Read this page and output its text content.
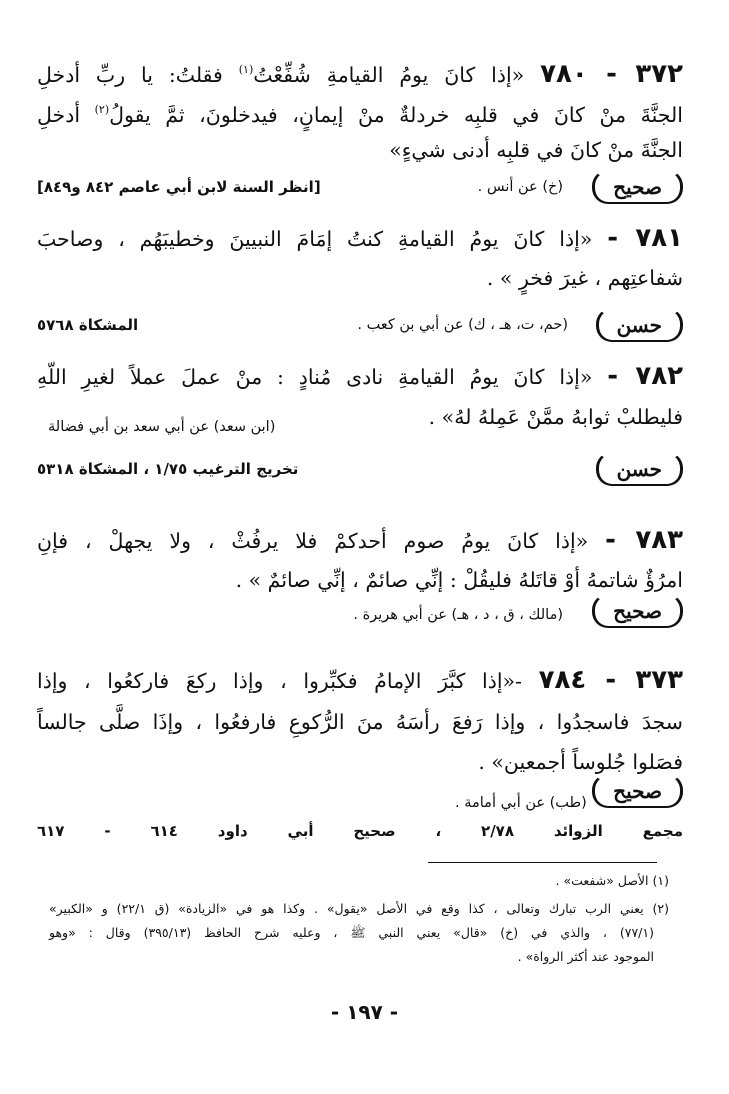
٣٧٢ - ٧٨٠ «إذا كانَ يومُ القيامةِ شُفِّعْتُ$^{(١)}$ فقلتُ: يا ربِّ أدخلِ
الجنَّةَ منْ كانَ في قلبِه خردلةٌ منْ إيمانٍ، فيدخلونَ، ثمَّ يقولُ$^{(٢)}$ أدخلِ
الجنَّةَ منْ كانَ في قلبِه أدنى شيءٍ»
صحيح
(خ) عن أنس .
[انظر السنة لابن أبي عاصم ٨٤٢ و٨٤٩]
٧٨١ - «إذا كانَ يومُ القيامةِ كنتُ إمَامَ النبيينَ وخطيبَهُم ، وصاحبَ
شفاعتِهم ، غيرَ فخرٍ » .
حسن
(حم، ت، هـ ، ك) عن أبي بن كعب .
المشكاة ٥٧٦٨
٧٨٢ - «إذا كانَ يومُ القيامةِ نادى مُنادٍ : منْ عملَ عملاً لغيرِ اللّهِ
فليطلبْ ثوابهُ ممَّنْ عَمِلهُ لهُ» .
(ابن سعد) عن أبي سعد بن أبي فضالة
حسن
تخريج الترغيب ١/٧٥ ، المشكاة ٥٣١٨
٧٨٣ - «إذا كانَ يومُ صوم أحدكمْ فلا يرفُثْ ، ولا يجهلْ ، فإنِ
امرُؤٌ شاتمهُ أوْ قاتَلهُ فليقُلْ : إنِّي صائمٌ ، إنِّي صائمٌ » .
صحيح
(مالك ، ق ، د ، هـ) عن أبي هريرة .
٣٧٣ - ٧٨٤ -«إذا كبَّرَ الإمامُ فكبِّروا ، وإذا ركعَ فاركعُوا ، وإذا
سجدَ فاسجدُوا ، وإذا رَفعَ رأسَهُ منَ الرُّكوعِ فارفعُوا ، وإذَا صلَّى جالساً
فصَلوا جُلوساً أجمعين» .
(طب) عن أبي أمامة .	صحيح
مجمع الزوائد ٢/٧٨ ، صحيح أبي داود ٦١٤ - ٦١٧
(١) الأصل «شفعت» .
(٢) يعني الرب تبارك وتعالى ، كذا وقع في الأصل «يقول» . وكذا هو في «الزيادة» (ق ٢٢/١) و «الكبير»
(٧٧/١) ، والذي في (خ) «قال» يعني النبي ﷺ ، وعليه شرح الحافظ (٣٩٥/١٣) وقال : «وهو
الموجود عند أكثر الرواة» .
- ١٩٧ -
